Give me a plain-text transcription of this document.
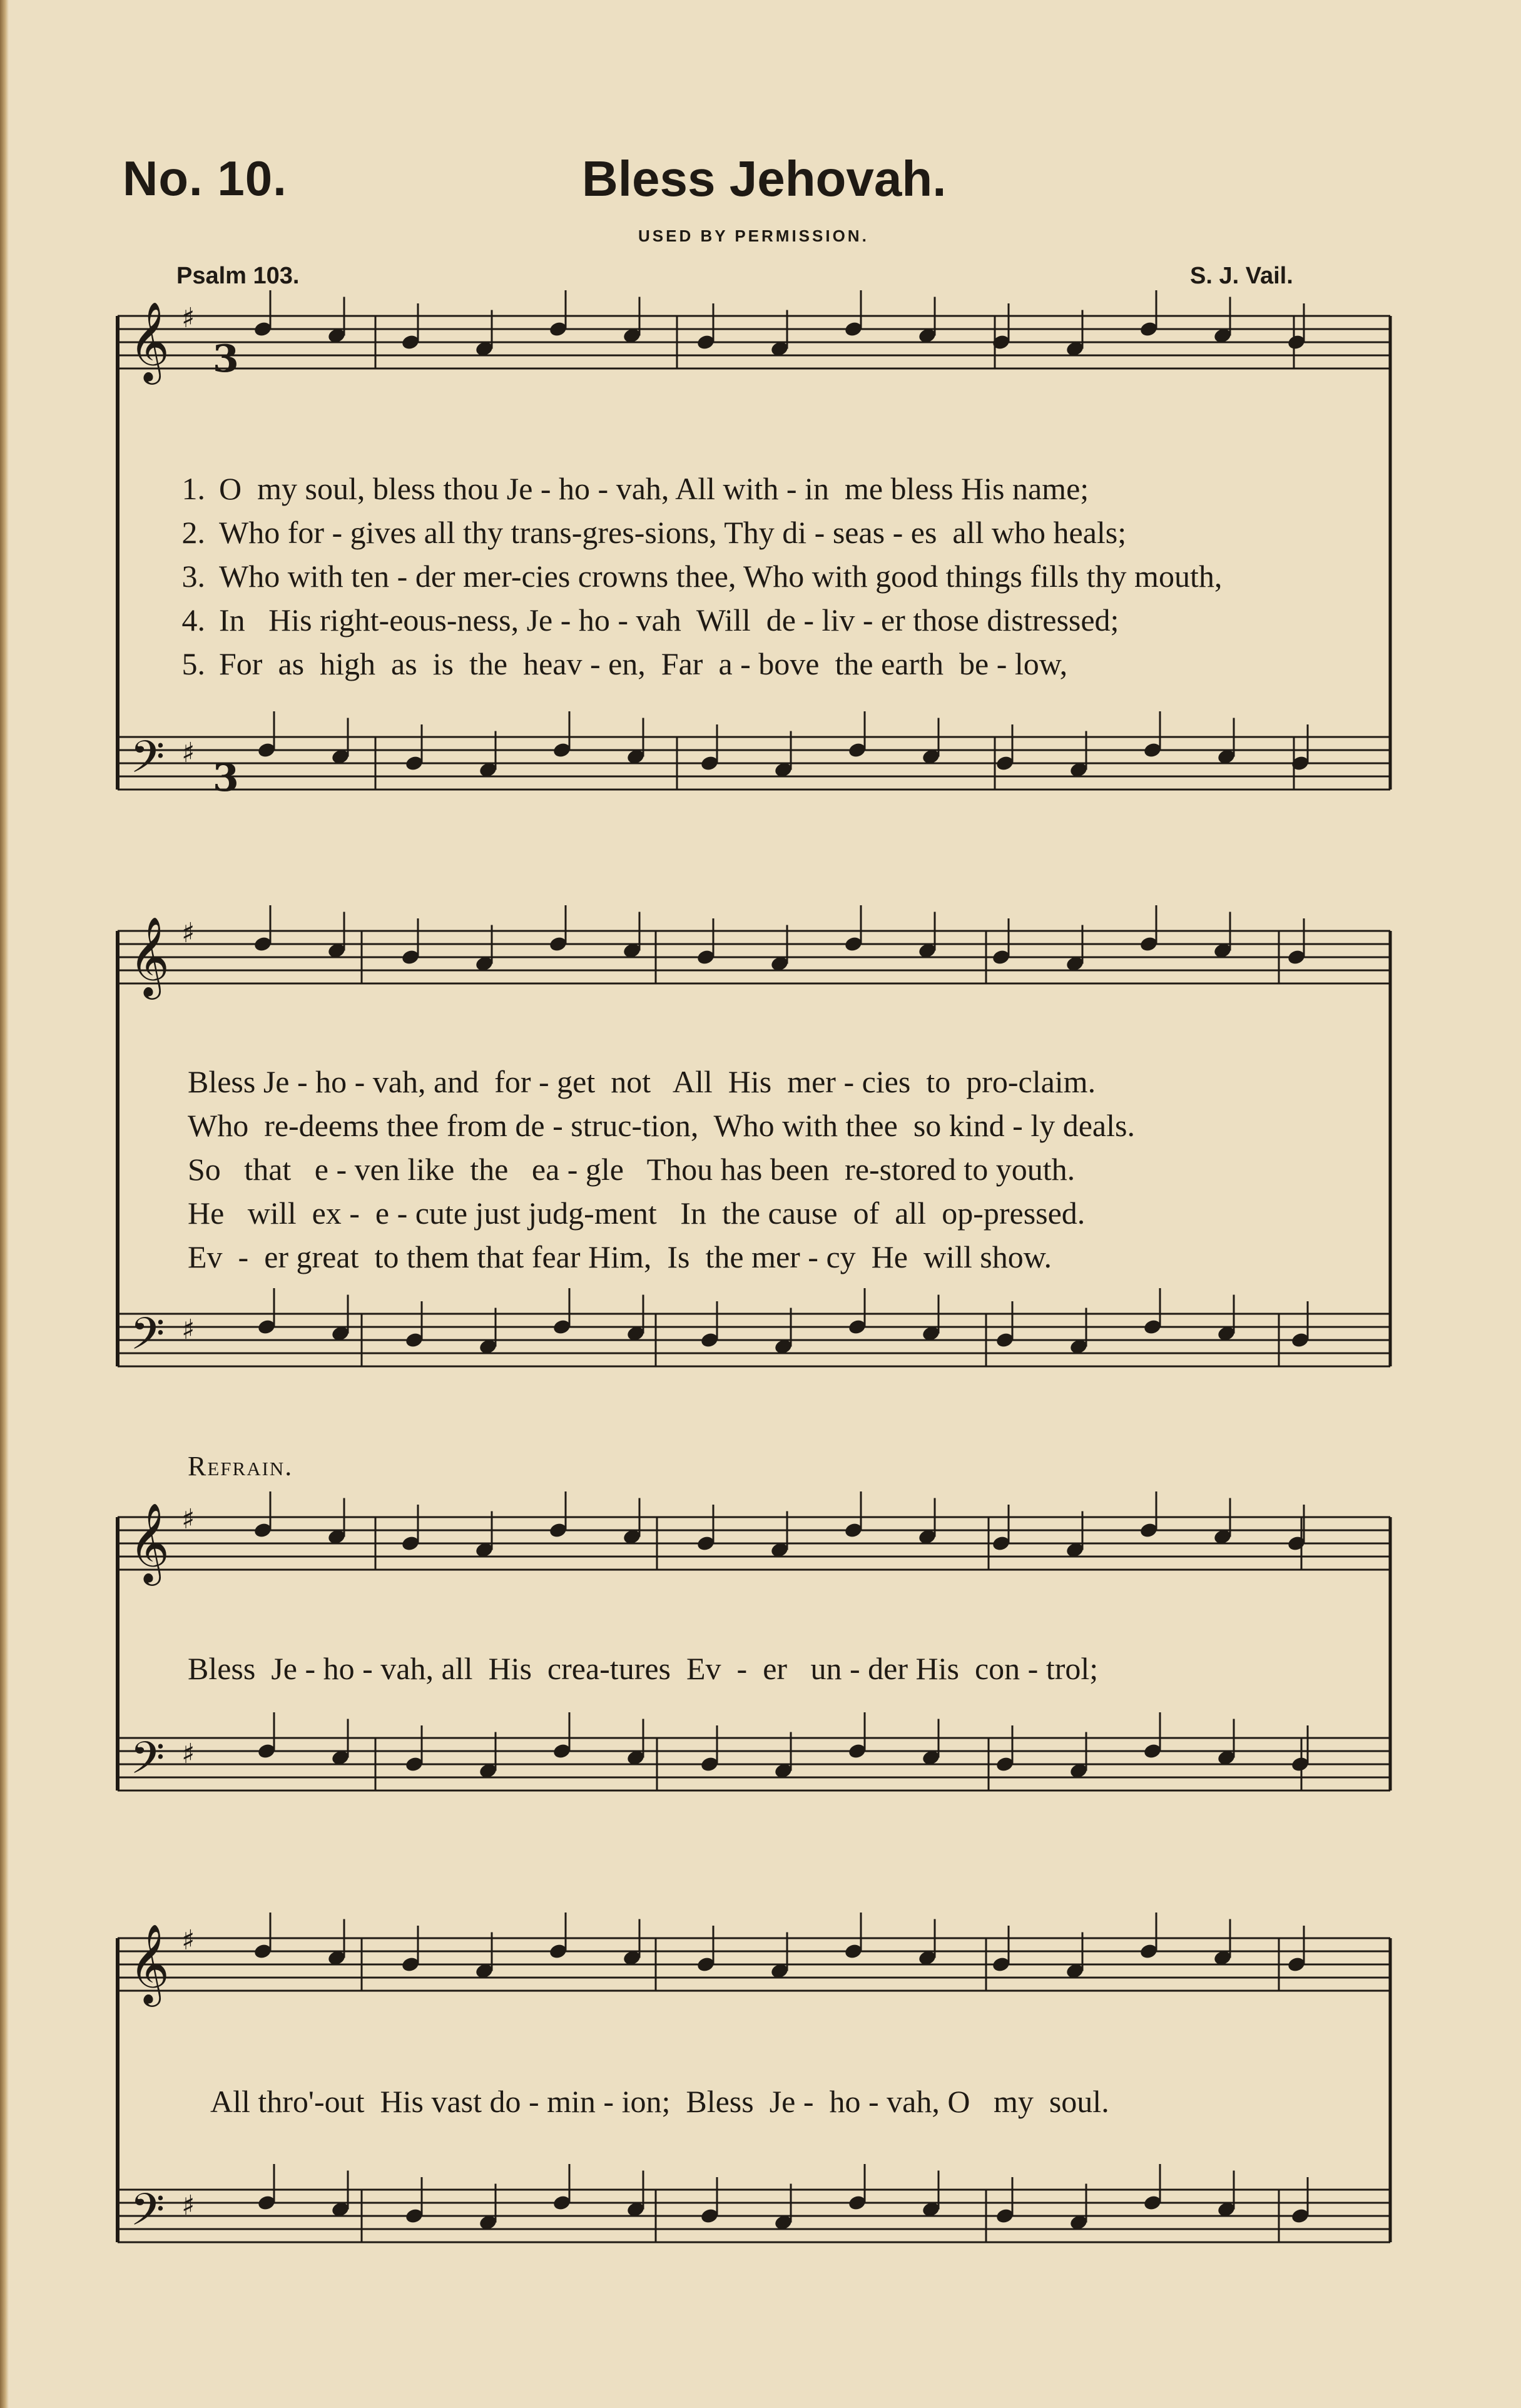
No. 10.	Bless Jehovah.
USED BY PERMISSION.
Psalm 103.	S. J. Vail.
𝄞
𝄢
♯
♯
𝄞
𝄢
♯
♯
𝄞
𝄢
♯
♯
𝄞
𝄢
♯
♯
3
3
1. O  my soul, bless thou Je - ho - vah, All with - in  me bless His name;
2. Who for - gives all thy trans-gres-sions, Thy di - seas - es  all who heals;
3. Who with ten - der mer-cies crowns thee, Who with good things fills thy mouth,
4. In   His right-eous-ness, Je - ho - vah  Will  de - liv - er those distressed;
5. For  as  high  as  is  the  heav - en,  Far  a - bove  the earth  be - low,
Bless Je - ho - vah, and  for - get  not   All  His  mer - cies  to  pro-claim.
Who  re-deems thee from de - struc-tion,  Who with thee  so kind - ly deals.
So   that   e - ven like  the   ea - gle   Thou has been  re-stored to youth.
He   will  ex -  e - cute just judg-ment   In  the cause  of  all  op-pressed.
Ev  -  er great  to them that fear Him,  Is  the mer - cy  He  will show.
Refrain.
Bless  Je - ho - vah, all  His  crea-tures  Ev  -  er   un - der His  con - trol;
All thro'-out  His vast do - min - ion;  Bless  Je -  ho - vah, O   my  soul.
